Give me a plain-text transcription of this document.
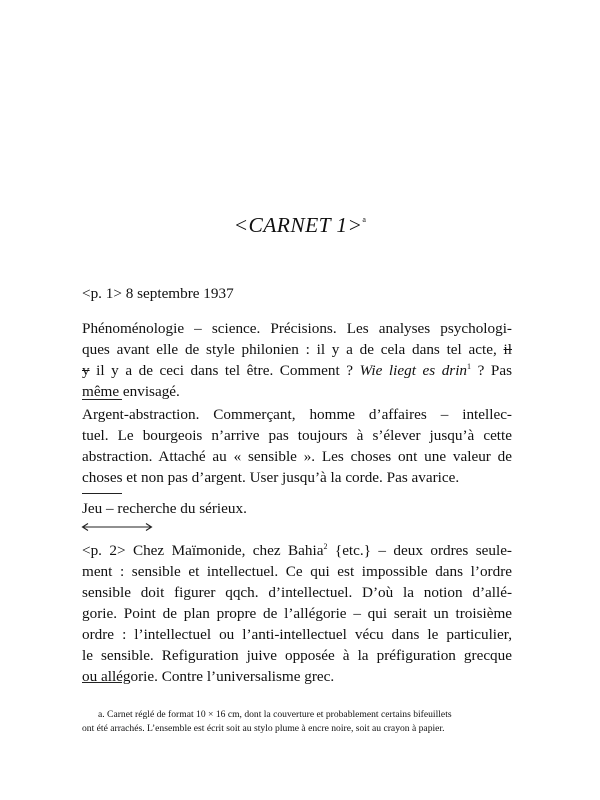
<CARNET 1>$^a$
<p. 1> 8 septembre 1937
Phénoménologie – science. Précisions. Les analyses psychologi-
ques avant elle de style philonien : il y a de cela dans tel acte, il
y il y a de ceci dans tel être. Comment ? Wie liegt es drin$^1$ ? Pas
même envisagé.
Argent-abstraction. Commerçant, homme d’affaires – intellec-
tuel. Le bourgeois n’arrive pas toujours à s’élever jusqu’à cette
abstraction. Attaché au « sensible ». Les choses ont une valeur de
choses et non pas d’argent. User jusqu’à la corde. Pas avarice.
Jeu – recherche du sérieux.
<p. 2> Chez Maïmonide, chez Bahia$^2$ {etc.} – deux ordres seule-
ment : sensible et intellectuel. Ce qui est impossible dans l’ordre
sensible doit figurer qqch. d’intellectuel. D’où la notion d’allé-
gorie. Point de plan propre de l’allégorie – qui serait un troisième
ordre : l’intellectuel ou l’anti-intellectuel vécu dans le particulier,
le sensible. Refiguration juive opposée à la préfiguration grecque
ou allégorie. Contre l’universalisme grec.
a. Carnet réglé de format 10 × 16 cm, dont la couverture et probablement certains bifeuillets
ont été arrachés. L’ensemble est écrit soit au stylo plume à encre noire, soit au crayon à papier.
